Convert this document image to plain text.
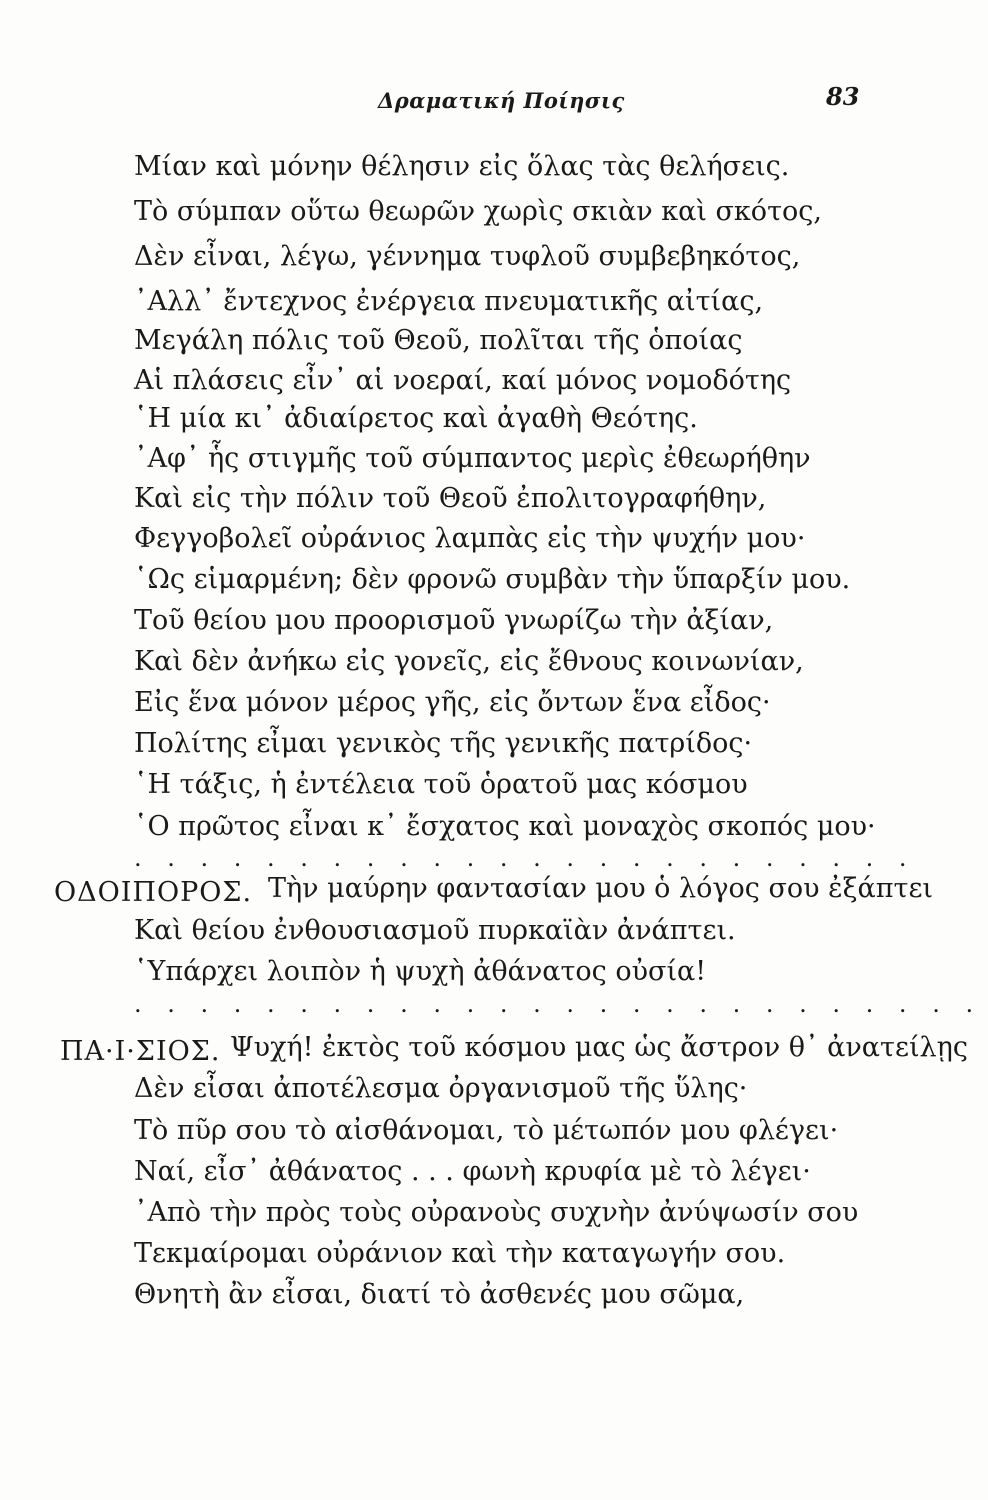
Δραματική Ποίησις	83
Μίαν καὶ μόνην θέλησιν εἰς ὅλας τὰς θελήσεις.
Τὸ σύμπαν οὕτω θεωρῶν χωρὶς σκιὰν καὶ σκότος,
Δὲν εἶναι, λέγω, γέννημα τυφλοῦ συμβεβηκότος,
᾿Αλλ᾿ ἔντεχνος ἐνέργεια πνευματικῆς αἰτίας,
Μεγάλη πόλις τοῦ Θεοῦ, πολῖται τῆς ὁποίας
Αἱ πλάσεις εἶν᾿ αἱ νοεραί, καί μόνος νομοδότης
῾Η μία κι᾿ ἀδιαίρετος καὶ ἀγαθὴ Θεότης.
᾿Αφ᾿ ἧς στιγμῆς τοῦ σύμπαντος μερὶς ἐθεωρήθην
Καὶ εἰς τὴν πόλιν τοῦ Θεοῦ ἐπολιτογραφήθην,
Φεγγοβολεῖ οὐράνιος λαμπὰς εἰς τὴν ψυχήν μου·
῾Ως εἱμαρμένη; δὲν φρονῶ συμβὰν τὴν ὕπαρξίν μου.
Τοῦ θείου μου προορισμοῦ γνωρίζω τὴν ἀξίαν,
Καὶ δὲν ἀνήκω εἰς γονεῖς, εἰς ἔθνους κοινωνίαν,
Εἰς ἕνα μόνον μέρος γῆς, εἰς ὄντων ἕνα εἶδος·
Πολίτης εἶμαι γενικὸς τῆς γενικῆς πατρίδος·
῾Η τάξις, ἡ ἐντέλεια τοῦ ὁρατοῦ μας κόσμου
῾Ο πρῶτος εἶναι κ᾿ ἔσχατος καὶ μοναχὸς σκοπός μου·
. . . . . . . . . . . . . . . . . . . . . . . .
ΟΔΟΙΠΟΡΟΣ. Τὴν μαύρην φαντασίαν μου ὁ λόγος σου ἐξάπτει
Καὶ θείου ἐνθουσιασμοῦ πυρκαϊὰν ἀνάπτει.
῾Υπάρχει λοιπὸν ἡ ψυχὴ ἀθάνατος οὐσία!
. . . . . . . . . . . . . . . . . . . . . . . . . .
ΠΑ·Ι·ΣΙΟΣ. Ψυχή! ἐκτὸς τοῦ κόσμου μας ὡς ἄστρον θ᾿ ἀνατείλῃς
Δὲν εἶσαι ἀποτέλεσμα ὀργανισμοῦ τῆς ὕλης·
Τὸ πῦρ σου τὸ αἰσθάνομαι, τὸ μέτωπόν μου φλέγει·
Ναί, εἶσ᾿ ἀθάνατος . . . φωνὴ κρυφία μὲ τὸ λέγει·
᾿Απὸ τὴν πρὸς τοὺς οὐρανοὺς συχνὴν ἀνύψωσίν σου
Τεκμαίρομαι οὐράνιον καὶ τὴν καταγωγήν σου.
Θνητὴ ἂν εἶσαι, διατί τὸ ἀσθενές μου σῶμα,
